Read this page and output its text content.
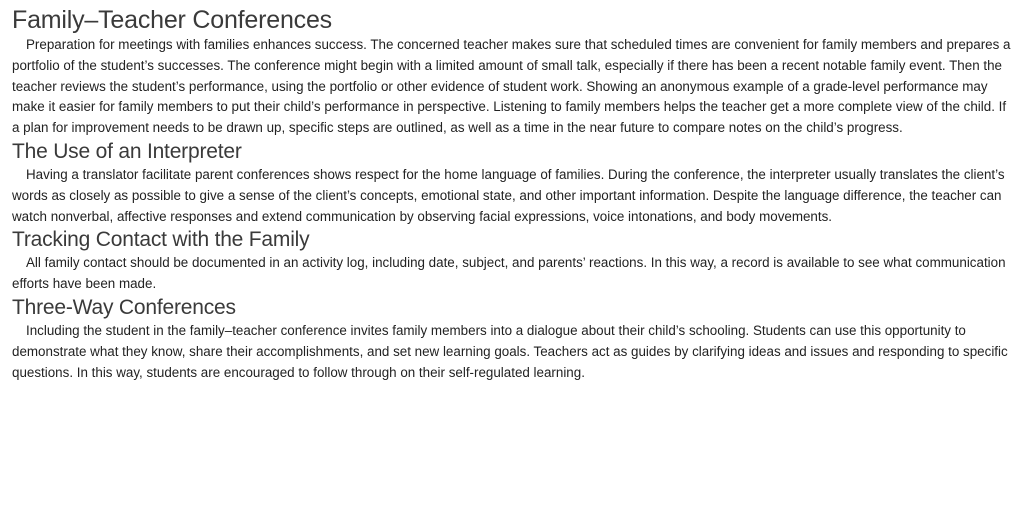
Family–Teacher Conferences

Preparation for meetings with families enhances success. The concerned teacher makes sure that scheduled times are convenient for family members and prepares a portfolio of the student’s successes. The conference might begin with a limited amount of small talk, especially if there has been a recent notable family event. Then the teacher reviews the student’s performance, using the portfolio or other evidence of student work. Showing an anonymous example of a grade-level performance may make it easier for family members to put their child’s performance in perspective. Listening to family members helps the teacher get a more complete view of the child. If a plan for improvement needs to be drawn up, specific steps are outlined, as well as a time in the near future to compare notes on the child’s progress.

The Use of an Interpreter

Having a translator facilitate parent conferences shows respect for the home language of families. During the conference, the interpreter usually translates the client’s words as closely as possible to give a sense of the client’s concepts, emotional state, and other important information. Despite the language difference, the teacher can watch nonverbal, affective responses and extend communication by observing facial expressions, voice intonations, and body movements.

Tracking Contact with the Family

All family contact should be documented in an activity log, including date, subject, and parents’ reactions. In this way, a record is available to see what communication efforts have been made.

Three-Way Conferences

Including the student in the family–teacher conference invites family members into a dialogue about their child’s schooling. Students can use this opportunity to demonstrate what they know, share their accomplishments, and set new learning goals. Teachers act as guides by clarifying ideas and issues and responding to specific questions. In this way, students are encouraged to follow through on their self-regulated learning.
